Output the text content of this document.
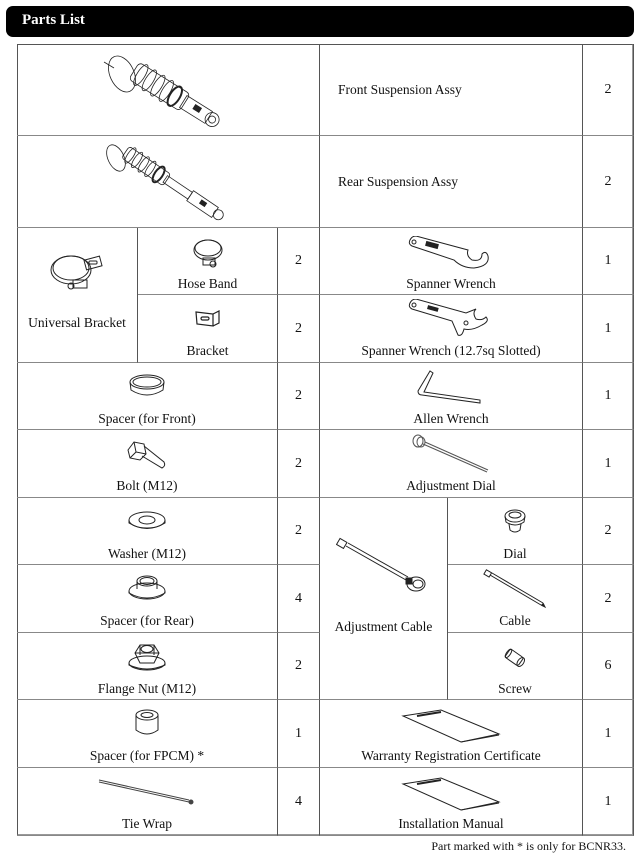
Parts List
Front Suspension Assy	2
Rear Suspension Assy	2
Universal Bracket
Hose Band
2
Bracket
2
Spanner Wrench
1
Spanner Wrench (12.7sq Slotted)
1
Spacer (for Front)
2
Allen Wrench
1
Bolt (M12)
2
Adjustment Dial
1
Washer (M12)
2
Spacer (for Rear)
4
Flange Nut (M12)
2
Adjustment Cable
Dial
2
Cable
2
Screw
6
Spacer (for FPCM) *
1
Warranty Registration Certificate
1
Tie Wrap
4
Installation Manual
1
Part marked with * is only for BCNR33.
